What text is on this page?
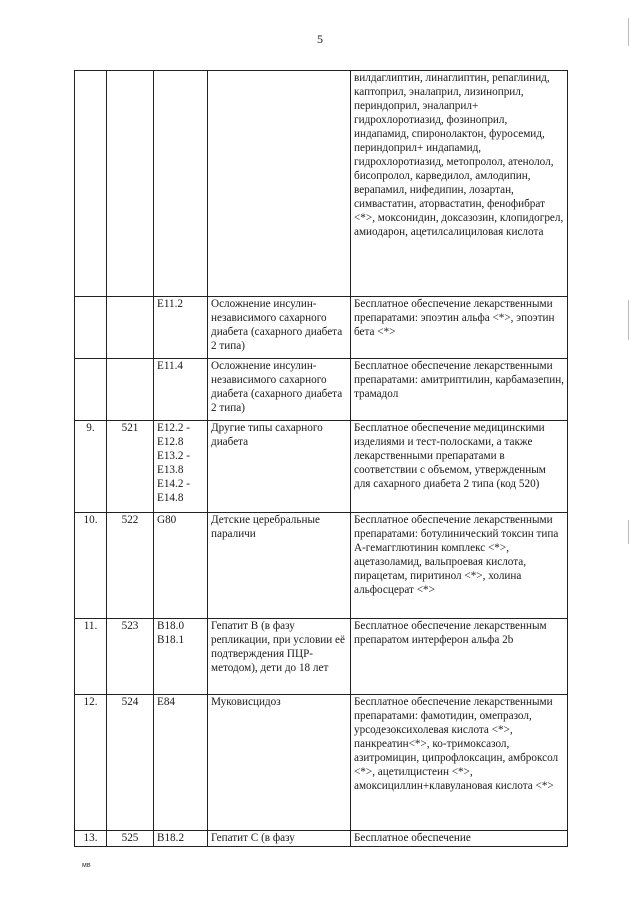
5
				вилдаглиптин, линаглиптин, репаглинид, каптоприл, эналаприл, лизиноприл, периндоприл, эналаприл+ гидрохлоротиазид, фозиноприл, индапамид, спиронолактон, фуросемид, периндоприл+ индапамид, гидрохлоротиазид, метопролол, атенолол, бисопролол, карведилол, амлодипин, верапамил, нифедипин, лозартан, симвастатин, аторвастатин, фенофибрат <*>, моксонидин, доксазозин, клопидогрел, амиодарон, ацетилсалициловая кислота
		E11.2	Осложнение инсулин-независимого сахарного диабета (сахарного диабета 2 типа)	Бесплатное обеспечение лекарственными препаратами: эпоэтин альфа <*>, эпоэтин бета <*>
		E11.4	Осложнение инсулин-независимого сахарного диабета (сахарного диабета 2 типа)	Бесплатное обеспечение лекарственными препаратами: амитриптилин, карбамазепин, трамадол
9.	521	E12.2 - E12.8 E13.2 - E13.8 E14.2 - E14.8	Другие типы сахарного диабета	Бесплатное обеспечение медицинскими изделиями и тест-полосками, а также лекарственными препаратами в соответствии с объемом, утвержденным для сахарного диабета 2 типа (код 520)
10.	522	G80	Детские церебральные параличи	Бесплатное обеспечение лекарственными препаратами: ботулинический токсин типа А-гемагглютинин комплекс <*>, ацетазоламид, вальпроевая кислота, пирацетам, пиритинол <*>, холина альфосцерат <*>
11.	523	B18.0 B18.1	Гепатит В (в фазу репликации, при условии её подтверждения ПЦР-методом), дети до 18 лет	Бесплатное обеспечение лекарственным препаратом интерферон альфа 2b
12.	524	E84	Муковисцидоз	Бесплатное обеспечение лекарственными препаратами: фамотидин, омепразол, урсодезоксихолевая кислота <*>, панкреатин<*>, ко-тримоксазол, азитромицин, ципрофлоксацин, амброксол <*>, ацетилцистеин <*>, амоксициллин+клавулановая кислота <*>
13.	525	B18.2	Гепатит С (в фазу	Бесплатное обеспечение
мв
